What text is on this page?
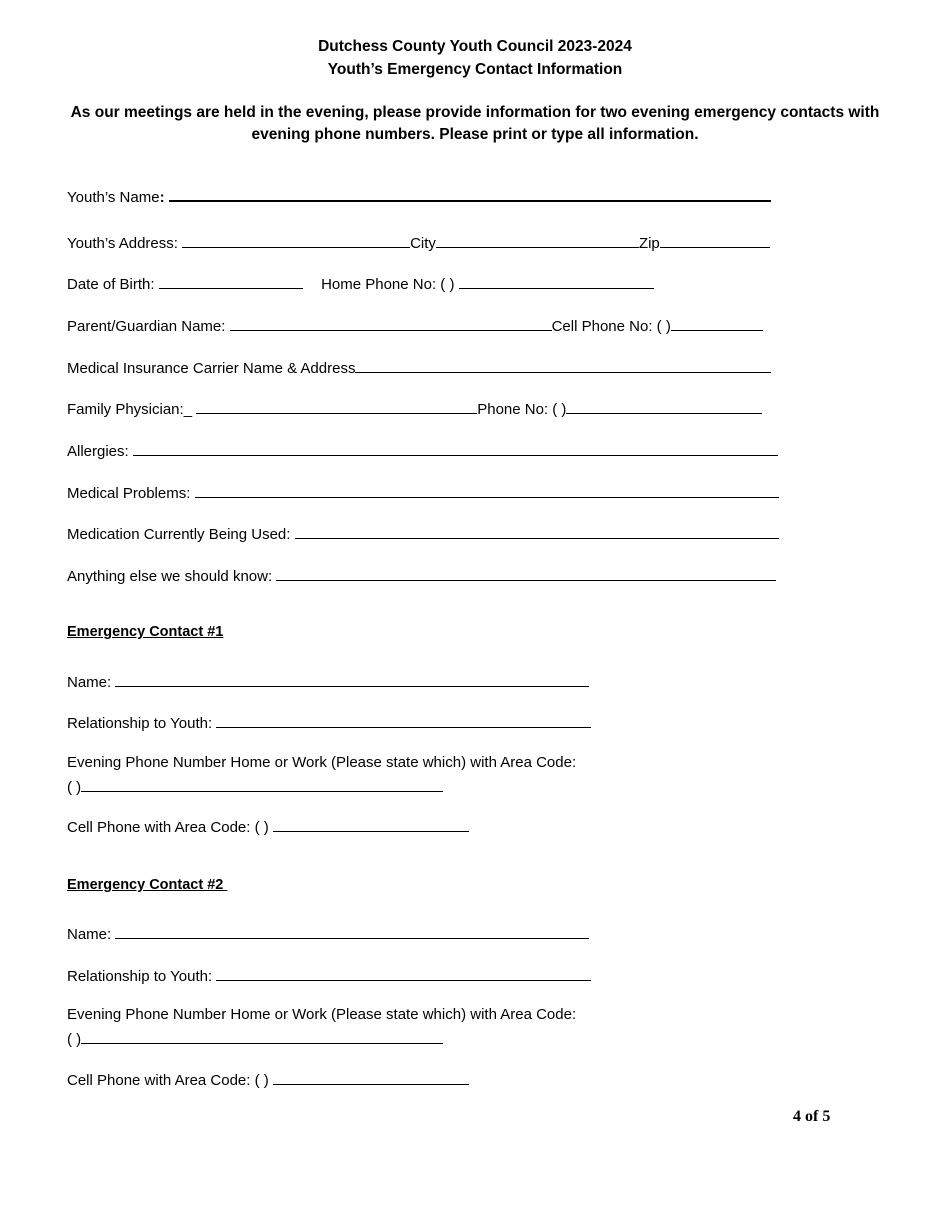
Dutchess County Youth Council 2023-2024
Youth’s Emergency Contact Information
As our meetings are held in the evening, please provide information for two evening emergency contacts with evening phone numbers. Please print or type all information.
Youth’s Name:
Youth’s Address:	City	Zip
Date of Birth:	Home Phone No: ( )
Parent/Guardian Name:	Cell Phone No: ( )
Medical Insurance Carrier Name & Address
Family Physician:_	Phone No: ( )
Allergies:
Medical Problems:
Medication Currently Being Used:
Anything else we should know:
Emergency Contact #1
Name:
Relationship to Youth:
Evening Phone Number Home or Work (Please state which) with Area Code:
( )
Cell Phone with Area Code: ( )
Emergency Contact #2
Name:
Relationship to Youth:
Evening Phone Number Home or Work (Please state which) with Area Code:
( )
Cell Phone with Area Code: ( )
4 of 5
